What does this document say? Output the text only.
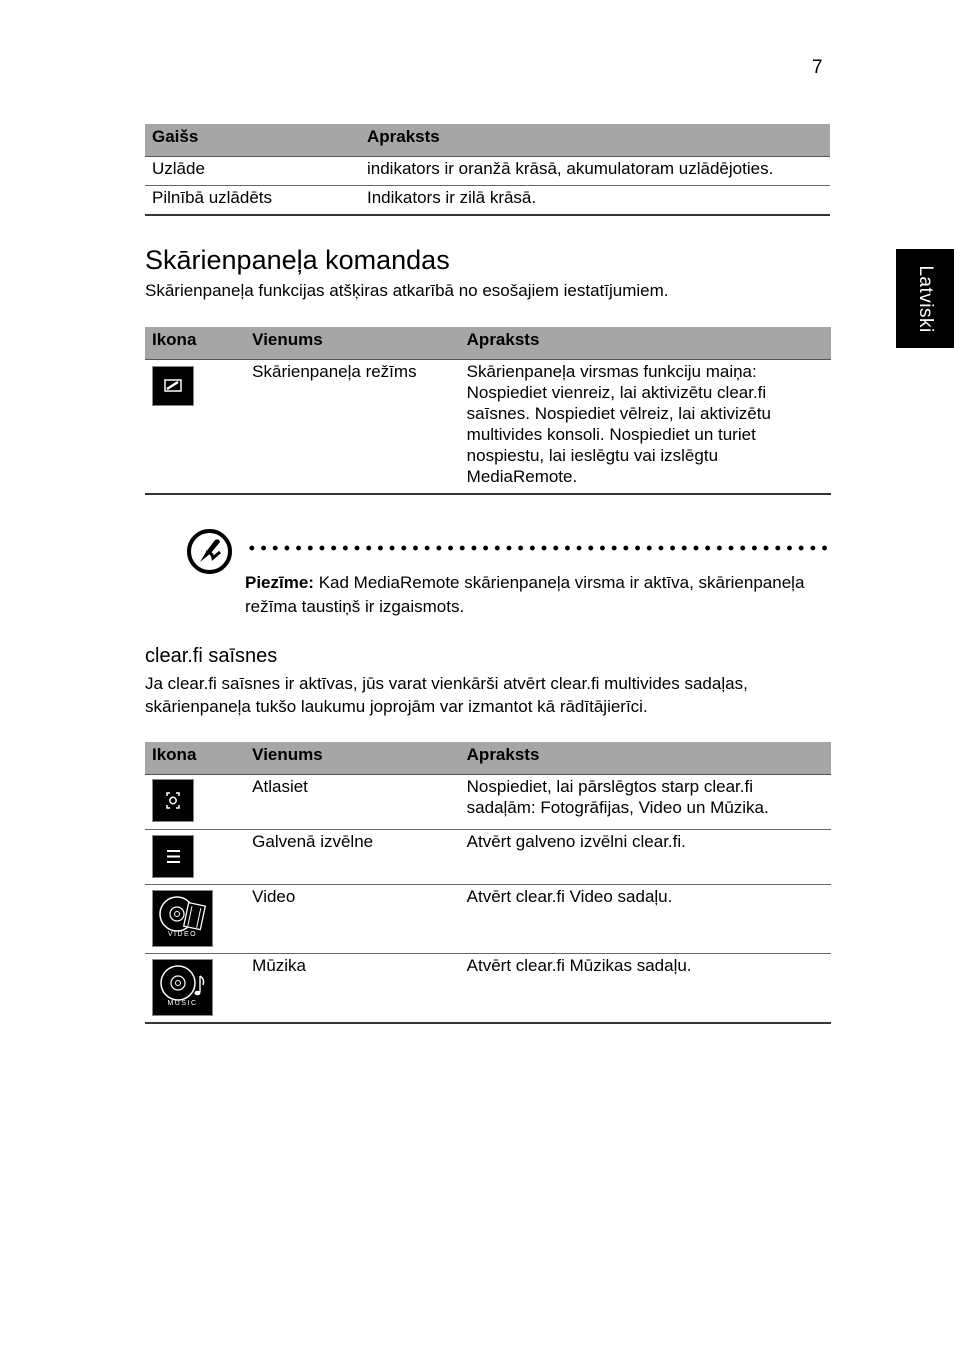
7
Latviski
Gaišs	Apraksts
Uzlāde	indikators ir oranžā krāsā, akumulatoram uzlādējoties.
Pilnībā uzlādēts	Indikators ir zilā krāsā.
Skārienpaneļa komandas
Skārienpaneļa funkcijas atšķiras atkarībā no esošajiem iestatījumiem.
Ikona	Vienums	Apraksts

	Skārienpaneļa režīms	Skārienpaneļa virsmas funkciju maiņa: Nospiediet vienreiz, lai aktivizētu clear.fi saīsnes. Nospiediet vēlreiz, lai aktivizētu multivides konsoli. Nospiediet un turiet nospiestu, lai ieslēgtu vai izslēgtu MediaRemote.
Piezīme: Kad MediaRemote skārienpaneļa virsma ir aktīva, skārienpaneļa režīma taustiņš ir izgaismots.
clear.fi saīsnes
Ja clear.fi saīsnes ir aktīvas, jūs varat vienkārši atvērt clear.fi multivides sadaļas, skārienpaneļa tukšo laukumu joprojām var izmantot kā rādītājierīci.
Ikona	Vienums	Apraksts

	Atlasiet	Nospiediet, lai pārslēgtos starp clear.fi sadaļām: Fotogrāfijas, Video un Mūzika.

	Galvenā izvēlne	Atvērt galveno izvēlni clear.fi.

VIDEO	Video	Atvērt clear.fi Video sadaļu.

MUSIC	Mūzika	Atvērt clear.fi Mūzikas sadaļu.
